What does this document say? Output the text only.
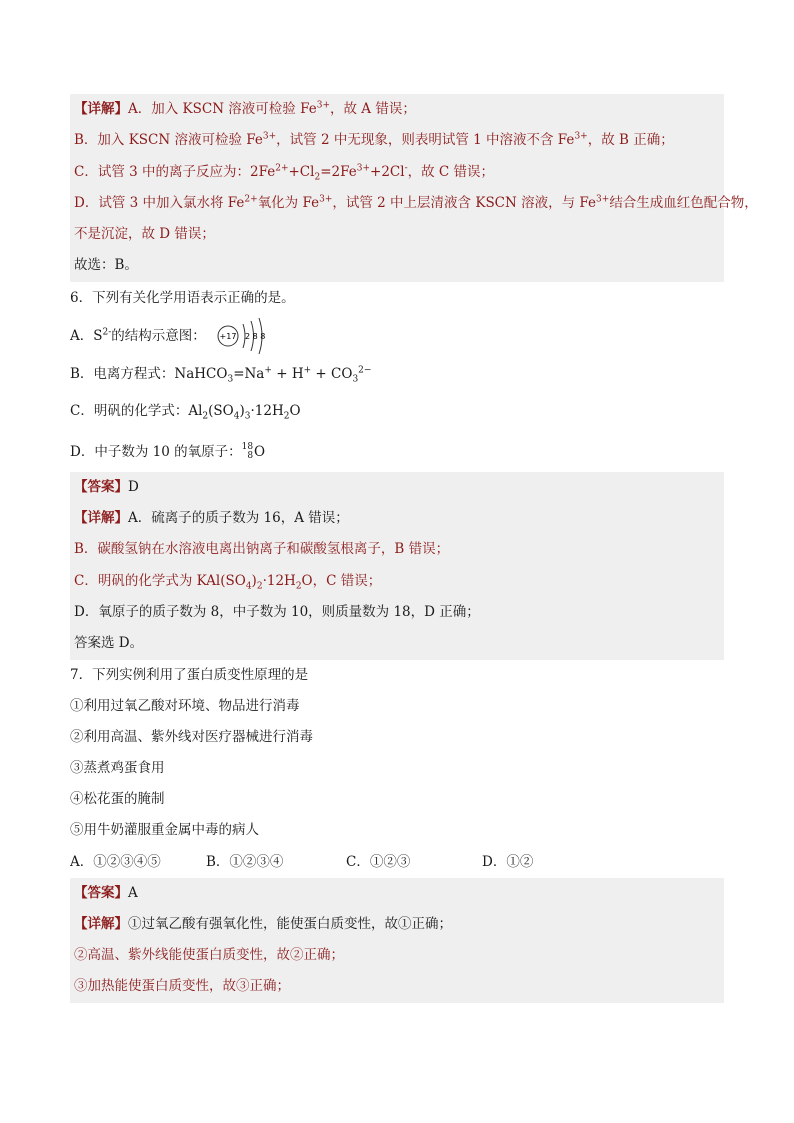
【详解】A．加入 KSCN 溶液可检验 $Fe^{3+}$，故 A 错误；
B．加入 KSCN 溶液可检验 $Fe^{3+}$，试管 2 中无现象，则表明试管 1 中溶液不含 $Fe^{3+}$，故 B 正确；
C．试管 3 中的离子反应为：$2Fe^{2+}+Cl_2=2Fe^{3+}+2Cl^-$，故 C 错误；
D．试管 3 中加入氯水将 $Fe^{2+}$氧化为 $Fe^{3+}$，试管 2 中上层清液含 KSCN 溶液，与 $Fe^{3+}$结合生成血红色配合物，
不是沉淀，故 D 错误；
故选：B。
6．下列有关化学用语表示正确的是。
A．$S^{2-}$的结构示意图： +17 2 8 8
B．电离方程式：NaHCO$_3$=Na+ + $H^+ + CO_3^{2-}$
C．明矾的化学式：$Al_2(SO_4)_3\cdot 12H_2O$
D．中子数为 10 的氧原子：18
8O
【答案】D
【详解】A．硫离子的质子数为 16，A 错误；
B．碳酸氢钠在水溶液电离出钠离子和碳酸氢根离子，B 错误；
C．明矾的化学式为 $KAl(SO_4)_2\cdot 12H_2O$，C 错误；
D．氧原子的质子数为 8，中子数为 10，则质量数为 18，D 正确；
答案选 D。
7．下列实例利用了蛋白质变性原理的是
①利用过氧乙酸对环境、物品进行消毒
②利用高温、紫外线对医疗器械进行消毒
③蒸煮鸡蛋食用
④松花蛋的腌制
⑤用牛奶灌服重金属中毒的病人
A．①②③④⑤	B．①②③④	C．①②③	D．①②
【答案】A
【详解】①过氧乙酸有强氧化性，能使蛋白质变性，故①正确；
②高温、紫外线能使蛋白质变性，故②正确；
③加热能使蛋白质变性，故③正确；
